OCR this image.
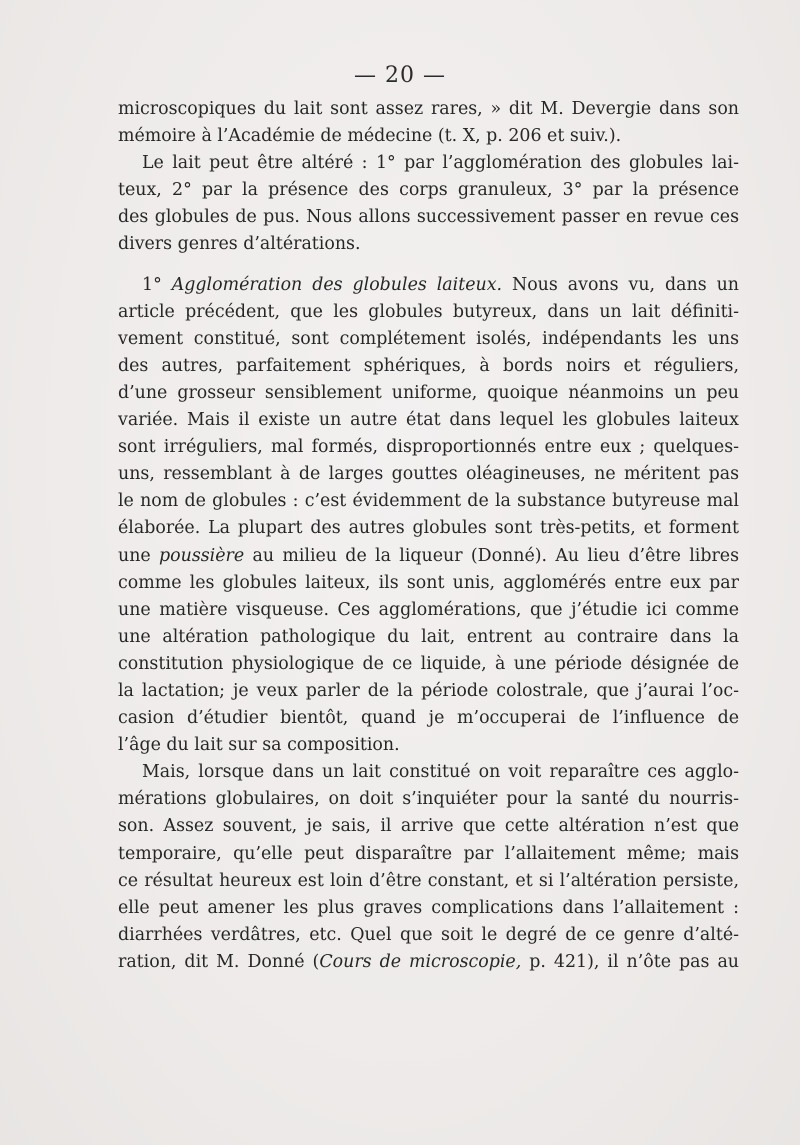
— 20 —
microscopiques du lait sont assez rares, » dit M. Devergie dans son
mémoire à l’Académie de médecine (t. X, p. 206 et suiv.).
Le lait peut être altéré : 1° par l’agglomération des globules lai-
teux, 2° par la présence des corps granuleux, 3° par la présence
des globules de pus. Nous allons successivement passer en revue ces
divers genres d’altérations.
1° Agglomération des globules laiteux. Nous avons vu, dans un
article précédent, que les globules butyreux, dans un lait définiti-
vement constitué, sont complétement isolés, indépendants les uns
des autres, parfaitement sphériques, à bords noirs et réguliers,
d’une grosseur sensiblement uniforme, quoique néanmoins un peu
variée. Mais il existe un autre état dans lequel les globules laiteux
sont irréguliers, mal formés, disproportionnés entre eux ; quelques-
uns, ressemblant à de larges gouttes oléagineuses, ne méritent pas
le nom de globules : c’est évidemment de la substance butyreuse mal
élaborée. La plupart des autres globules sont très-petits, et forment
une poussière au milieu de la liqueur (Donné). Au lieu d’être libres
comme les globules laiteux, ils sont unis, agglomérés entre eux par
une matière visqueuse. Ces agglomérations, que j’étudie ici comme
une altération pathologique du lait, entrent au contraire dans la
constitution physiologique de ce liquide, à une période désignée de
la lactation; je veux parler de la période colostrale, que j’aurai l’oc-
casion d’étudier bientôt, quand je m’occuperai de l’influence de
l’âge du lait sur sa composition.
Mais, lorsque dans un lait constitué on voit reparaître ces agglo-
mérations globulaires, on doit s’inquiéter pour la santé du nourris-
son. Assez souvent, je sais, il arrive que cette altération n’est que
temporaire, qu’elle peut disparaître par l’allaitement même; mais
ce résultat heureux est loin d’être constant, et si l’altération persiste,
elle peut amener les plus graves complications dans l’allaitement :
diarrhées verdâtres, etc. Quel que soit le degré de ce genre d’alté-
ration, dit M. Donné (Cours de microscopie, p. 421), il n’ôte pas au
